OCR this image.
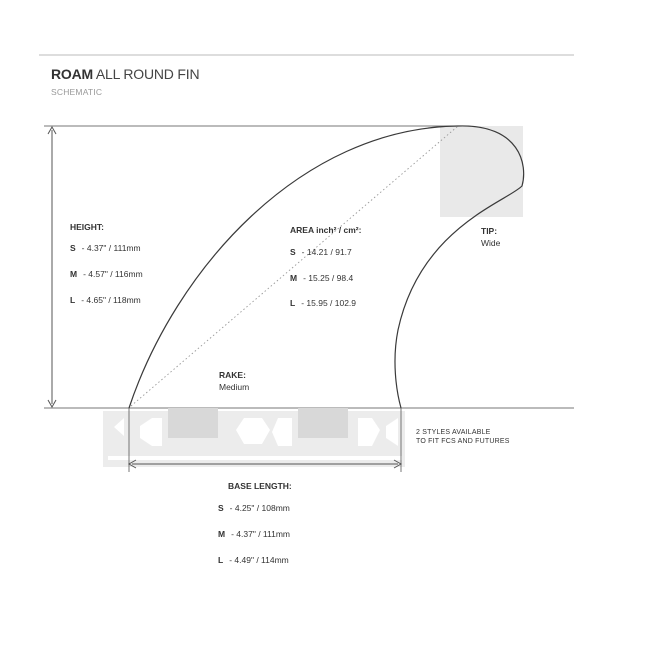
ROAM ALL ROUND FIN
SCHEMATIC
HEIGHT:
S - 4.37" / 111mm
M - 4.57" / 116mm
L - 4.65" / 118mm
AREA inch² / cm²:
S - 14.21 / 91.7
M - 15.25 / 98.4
L - 15.95 / 102.9
TIP:
Wide
RAKE:
Medium
2 STYLES AVAILABLE
TO FIT FCS AND FUTURES
BASE LENGTH:
S - 4.25" / 108mm
M - 4.37" / 111mm
L - 4.49" / 114mm
